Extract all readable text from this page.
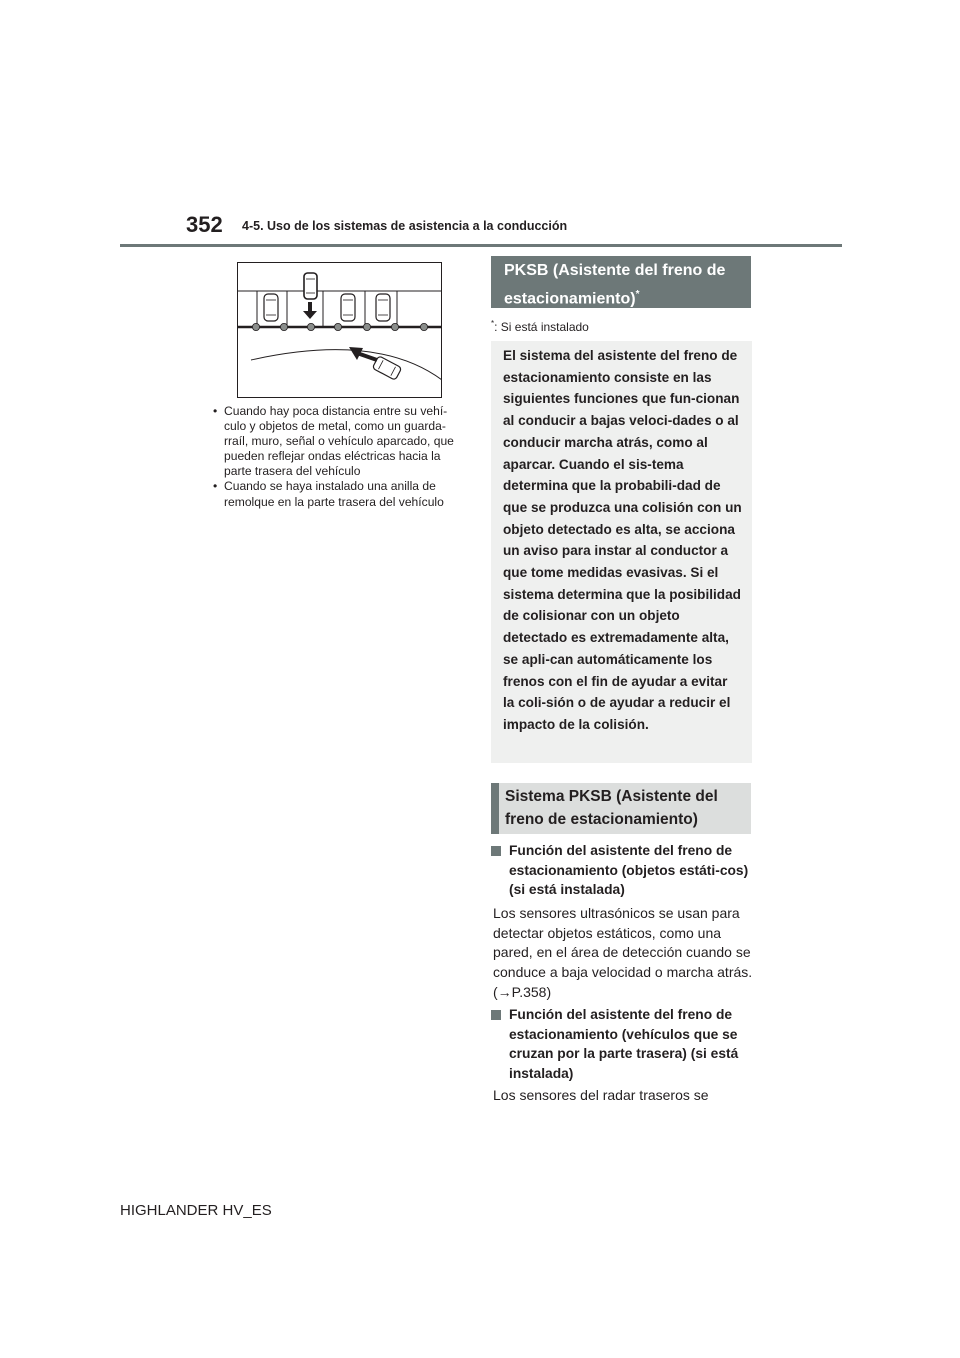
352 4-5. Uso de los sistemas de asistencia a la conducción
• Cuando hay poca distancia entre su vehí-
culo y objetos de metal, como un guarda-
rraíl, muro, señal o vehículo aparcado, que
pueden reflejar ondas eléctricas hacia la
parte trasera del vehículo
• Cuando se haya instalado una anilla de
remolque en la parte trasera del vehículo
PKSB (Asistente del freno de estacionamiento)*
*: Si está instalado
El sistema del asistente del freno de estacionamiento consiste en las siguientes funciones que fun-cionan al conducir a bajas veloci-dades o al conducir marcha atrás, como al aparcar. Cuando el sis-tema determina que la probabili-dad de que se produzca una colisión con un objeto detectado es alta, se acciona un aviso para instar al conductor a que tome medidas evasivas. Si el sistema determina que la posibilidad de colisionar con un objeto detectado es extremadamente alta, se apli-can automáticamente los frenos con el fin de ayudar a evitar la coli-sión o de ayudar a reducir el impacto de la colisión.
Sistema PKSB (Asistente del freno de estacionamiento)
Función del asistente del freno de estacionamiento (objetos estáti-cos) (si está instalada)
Los sensores ultrasónicos se usan para detectar objetos estáticos, como una pared, en el área de detección cuando se conduce a baja velocidad o marcha atrás. (→P.358)
Función del asistente del freno de estacionamiento (vehículos que se cruzan por la parte trasera) (si está instalada)
Los sensores del radar traseros se
HIGHLANDER HV_ES
